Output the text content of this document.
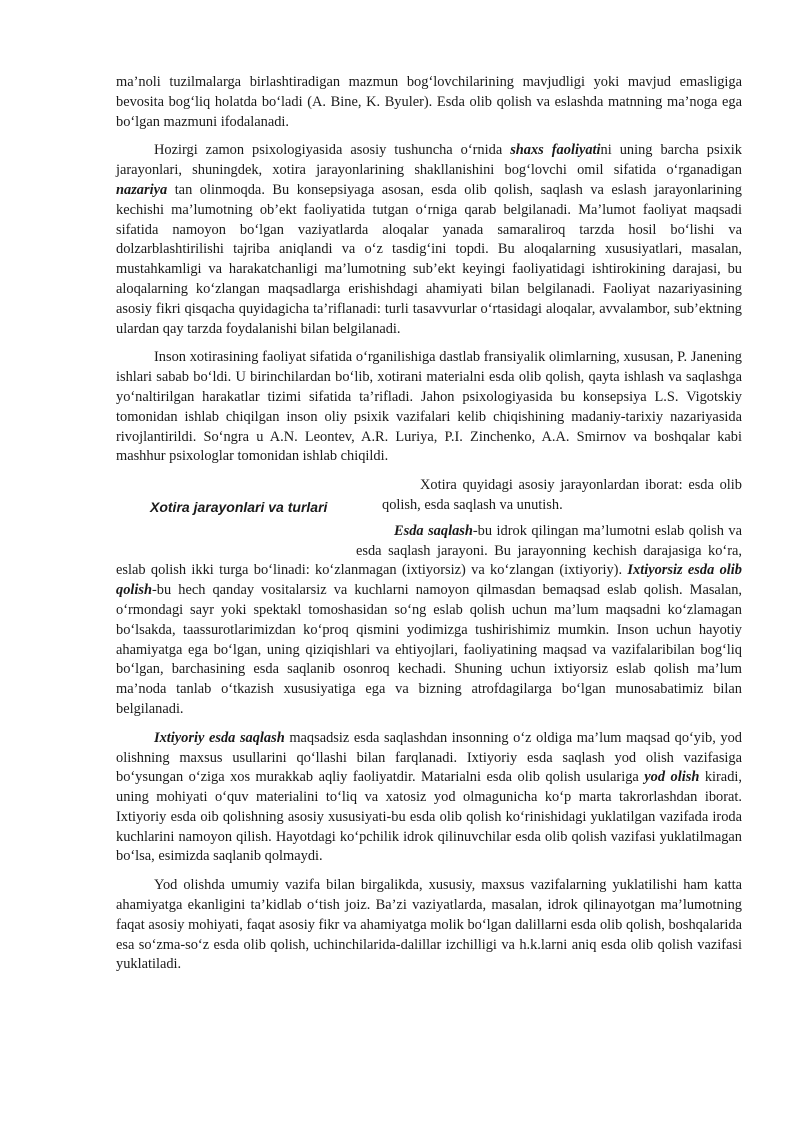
ma’noli tuzilmalarga birlashtiradigan mazmun bog‘lovchilarining mavjudligi yoki mavjud emasligiga bevosita bog‘liq holatda bo‘ladi (A. Bine, K. Byuler). Esda olib qolish va eslashda matnning ma’noga ega bo‘lgan mazmuni ifodalanadi.

Hozirgi zamon psixologiyasida asosiy tushuncha o‘rnida shaxs faoliyatini uning barcha psixik jarayonlari, shuningdek, xotira jarayonlarining shakllanishini bog‘lovchi omil sifatida o‘rganadigan nazariya tan olinmoqda. Bu konsepsiyaga asosan, esda olib qolish, saqlash va eslash jarayonlarining kechishi ma’lumotning ob’ekt faoliyatida tutgan o‘rniga qarab belgilanadi. Ma’lumot faoliyat maqsadi sifatida namoyon bo‘lgan vaziyatlarda aloqalar yanada samaraliroq tarzda hosil bo‘lishi va dolzarblashtirilishi tajriba aniqlandi va o‘z tasdig‘ini topdi. Bu aloqalarning xususiyatlari, masalan, mustahkamligi va harakatchanligi ma’lumotning sub’ekt keyingi faoliyatidagi ishtirokining darajasi, bu aloqalarning ko‘zlangan maqsadlarga erishishdagi ahamiyati bilan belgilanadi. Faoliyat nazariyasining asosiy fikri qisqacha quyidagicha ta’riflanadi: turli tasavvurlar o‘rtasidagi aloqalar, avvalambor, sub’ektning ulardan qay tarzda foydalanishi bilan belgilanadi.

Inson xotirasining faoliyat sifatida o‘rganilishiga dastlab fransiyalik olimlarning, xususan, P. Janening ishlari sabab bo‘ldi. U birinchilardan bo‘lib, xotirani materialni esda olib qolish, qayta ishlash va saqlashga yo‘naltirilgan harakatlar tizimi sifatida ta’rifladi. Jahon psixologiyasida bu konsepsiya L.S. Vigotskiy tomonidan ishlab chiqilgan inson oliy psixik vazifalari kelib chiqishining madaniy-tarixiy nazariyasida rivojlantirildi. So‘ngra u A.N. Leontev, A.R. Luriya, P.I. Zinchenko, A.A. Smirnov va boshqalar kabi mashhur psixologlar tomonidan ishlab chiqildi.

Xotira quyidagi asosiy jarayonlardan iborat: esda olib qolish, esda saqlash va unutish.

Xotira jarayonlari va turlari

Esda saqlash-bu idrok qilingan ma’lumotni eslab qolish va esda saqlash jarayoni. Bu jarayonning kechish darajasiga ko‘ra, eslab qolish ikki turga bo‘linadi: ko‘zlanmagan (ixtiyorsiz) va ko‘zlangan (ixtiyoriy). Ixtiyorsiz esda olib qolish-bu hech qanday vositalarsiz va kuchlarni namoyon qilmasdan bemaqsad eslab qolish. Masalan, o‘rmondagi sayr yoki spektakl tomoshasidan so‘ng eslab qolish uchun ma’lum maqsadni ko‘zlamagan bo‘lsakda, taassurotlarimizdan ko‘proq qismini yodimizga tushirishimiz mumkin. Inson uchun hayotiy ahamiyatga ega bo‘lgan, uning qiziqishlari va ehtiyojlari, faoliyatining maqsad va vazifalaribilan bog‘liq bo‘lgan, barchasining esda saqlanib osonroq kechadi. Shuning uchun ixtiyorsiz eslab qolish ma’lum ma’noda tanlab o‘tkazish xususiyatiga ega va bizning atrofdagilarga bo‘lgan munosabatimiz bilan belgilanadi.

Ixtiyoriy esda saqlash maqsadsiz esda saqlashdan insonning o‘z oldiga ma’lum maqsad qo‘yib, yod olishning maxsus usullarini qo‘llashi bilan farqlanadi. Ixtiyoriy esda saqlash yod olish vazifasiga bo‘ysungan o‘ziga xos murakkab aqliy faoliyatdir. Matarialni esda olib qolish usulariga yod olish kiradi, uning mohiyati o‘quv materialini to‘liq va xatosiz yod olmagunicha ko‘p marta takrorlashdan iborat. Ixtiyoriy esda oib qolishning asosiy xususiyati-bu esda olib qolish ko‘rinishidagi yuklatilgan vazifada iroda kuchlarini namoyon qilish. Hayotdagi ko‘pchilik idrok qilinuvchilar esda olib qolish vazifasi yuklatilmagan bo‘lsa, esimizda saqlanib qolmaydi.

Yod olishda umumiy vazifa bilan birgalikda, xususiy, maxsus vazifalarning yuklatilishi ham katta ahamiyatga ekanligini ta’kidlab o‘tish joiz. Ba’zi vaziyatlarda, masalan, idrok qilinayotgan ma’lumotning faqat asosiy mohiyati, faqat asosiy fikr va ahamiyatga molik bo‘lgan dalillarni esda olib qolish, boshqalarida esa so‘zma-so‘z esda olib qolish, uchinchilarida-dalillar izchilligi va h.k.larni aniq esda olib qolish vazifasi yuklatiladi.
